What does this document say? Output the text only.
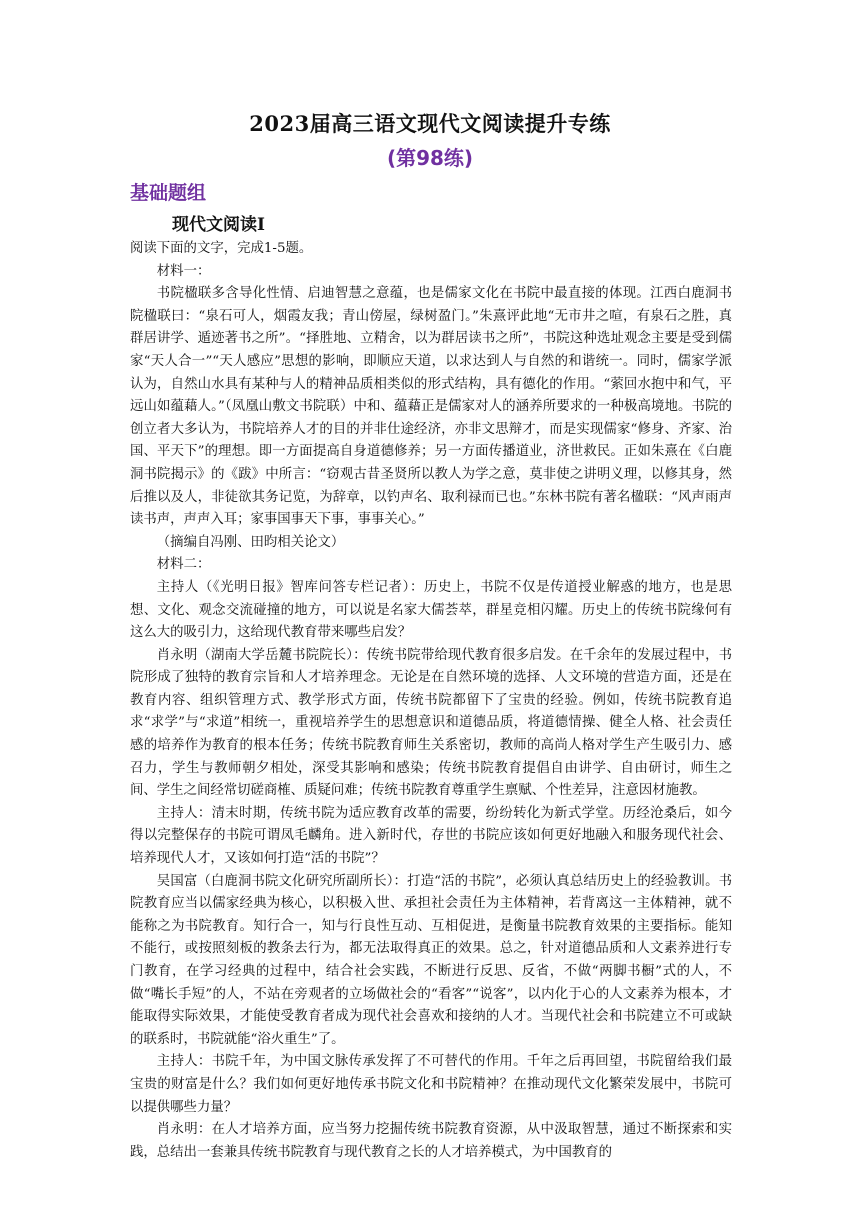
2023届高三语文现代文阅读提升专练
(第98练)
基础题组
现代文阅读Ⅰ

阅读下面的文字，完成1-5题。

材料一：

书院楹联多含导化性情、启迪智慧之意蕴，也是儒家文化在书院中最直接的体现。江西白鹿洞书院楹联曰：“泉石可人，烟霞友我；青山傍屋，绿树盈门。”朱熹评此地“无市井之喧，有泉石之胜，真群居讲学、遁迹著书之所”。“择胜地、立精舍，以为群居读书之所”，书院这种选址观念主要是受到儒家“天人合一”“天人感应”思想的影响，即顺应天道，以求达到人与自然的和谐统一。同时，儒家学派认为，自然山水具有某种与人的精神品质相类似的形式结构，具有德化的作用。“萦回水抱中和气，平远山如蕴藉人。”（凤凰山敷文书院联）中和、蕴藉正是儒家对人的涵养所要求的一种极高境地。书院的创立者大多认为，书院培养人才的目的并非仕途经济，亦非文思辩才，而是实现儒家“修身、齐家、治国、平天下”的理想。即一方面提高自身道德修养；另一方面传播道业，济世救民。正如朱熹在《白鹿洞书院揭示》的《跋》中所言：“窃观古昔圣贤所以教人为学之意，莫非使之讲明义理，以修其身，然后推以及人，非徒欲其务记览，为辞章，以钓声名、取利禄而已也。”东林书院有著名楹联：“风声雨声读书声，声声入耳；家事国事天下事，事事关心。”

（摘编自冯刚、田昀相关论文）

材料二：

主持人（《光明日报》智库问答专栏记者）：历史上，书院不仅是传道授业解惑的地方，也是思想、文化、观念交流碰撞的地方，可以说是名家大儒荟萃，群星竞相闪耀。历史上的传统书院缘何有这么大的吸引力，这给现代教育带来哪些启发？

肖永明（湖南大学岳麓书院院长）：传统书院带给现代教育很多启发。在千余年的发展过程中，书院形成了独特的教育宗旨和人才培养理念。无论是在自然环境的选择、人文环境的营造方面，还是在教育内容、组织管理方式、教学形式方面，传统书院都留下了宝贵的经验。例如，传统书院教育追求“求学”与“求道”相统一，重视培养学生的思想意识和道德品质，将道德情操、健全人格、社会责任感的培养作为教育的根本任务；传统书院教育师生关系密切，教师的高尚人格对学生产生吸引力、感召力，学生与教师朝夕相处，深受其影响和感染；传统书院教育提倡自由讲学、自由研讨，师生之间、学生之间经常切磋商榷、质疑问难；传统书院教育尊重学生禀赋、个性差异，注意因材施教。

主持人：清末时期，传统书院为适应教育改革的需要，纷纷转化为新式学堂。历经沧桑后，如今得以完整保存的书院可谓凤毛麟角。进入新时代，存世的书院应该如何更好地融入和服务现代社会、培养现代人才，又该如何打造“活的书院”？

吴国富（白鹿洞书院文化研究所副所长）：打造“活的书院”，必须认真总结历史上的经验教训。书院教育应当以儒家经典为核心，以积极入世、承担社会责任为主体精神，若背离这一主体精神，就不能称之为书院教育。知行合一，知与行良性互动、互相促进，是衡量书院教育效果的主要指标。能知不能行，或按照刻板的教条去行为，都无法取得真正的效果。总之，针对道德品质和人文素养进行专门教育，在学习经典的过程中，结合社会实践，不断进行反思、反省，不做“两脚书橱”式的人，不做“嘴长手短”的人，不站在旁观者的立场做社会的“看客”“说客”，以内化于心的人文素养为根本，才能取得实际效果，才能使受教育者成为现代社会喜欢和接纳的人才。当现代社会和书院建立不可或缺的联系时，书院就能“浴火重生”了。

主持人：书院千年，为中国文脉传承发挥了不可替代的作用。千年之后再回望，书院留给我们最宝贵的财富是什么？我们如何更好地传承书院文化和书院精神？在推动现代文化繁荣发展中，书院可以提供哪些力量？

肖永明：在人才培养方面，应当努力挖掘传统书院教育资源，从中汲取智慧，通过不断探索和实践，总结出一套兼具传统书院教育与现代教育之长的人才培养模式，为中国教育的
